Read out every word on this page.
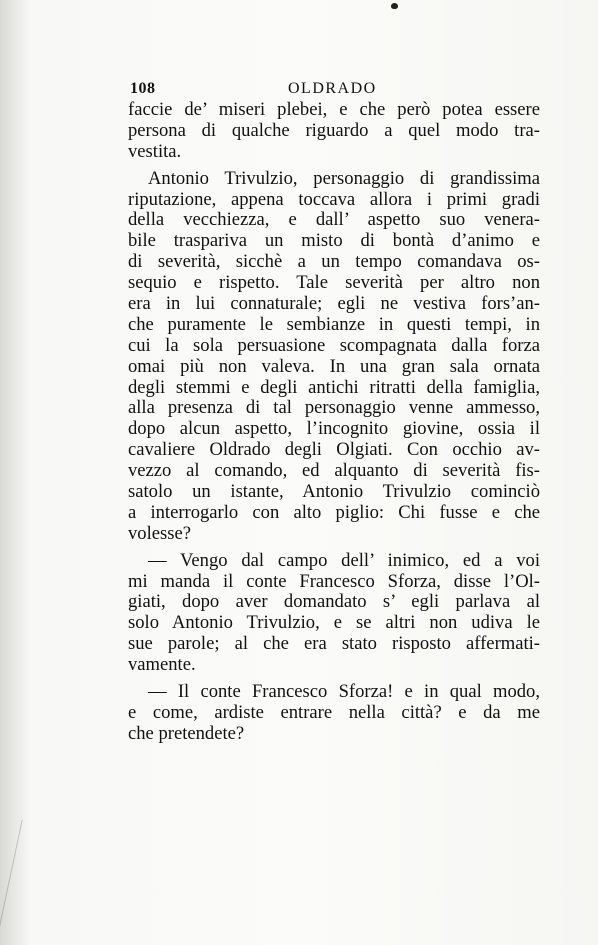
108	OLDRADO
faccie de’ miseri plebei, e che però potea essere
persona di qualche riguardo a quel modo tra-
vestita.
Antonio Trivulzio, personaggio di grandissima
riputazione, appena toccava allora i primi gradi
della vecchiezza, e dall’ aspetto suo venera-
bile traspariva un misto di bontà d’animo e
di severità, sicchè a un tempo comandava os-
sequio e rispetto. Tale severità per altro non
era in lui connaturale; egli ne vestiva fors’an-
che puramente le sembianze in questi tempi, in
cui la sola persuasione scompagnata dalla forza
omai più non valeva. In una gran sala ornata
degli stemmi e degli antichi ritratti della famiglia,
alla presenza di tal personaggio venne ammesso,
dopo alcun aspetto, l’incognito giovine, ossia il
cavaliere Oldrado degli Olgiati. Con occhio av-
vezzo al comando, ed alquanto di severità fis-
satolo un istante, Antonio Trivulzio cominciò
a interrogarlo con alto piglio: Chi fusse e che
volesse?
— Vengo dal campo dell’ inimico, ed a voi
mi manda il conte Francesco Sforza, disse l’Ol-
giati, dopo aver domandato s’ egli parlava al
solo Antonio Trivulzio, e se altri non udiva le
sue parole; al che era stato risposto affermati-
vamente.
— Il conte Francesco Sforza! e in qual modo,
e come, ardiste entrare nella città? e da me
che pretendete?
